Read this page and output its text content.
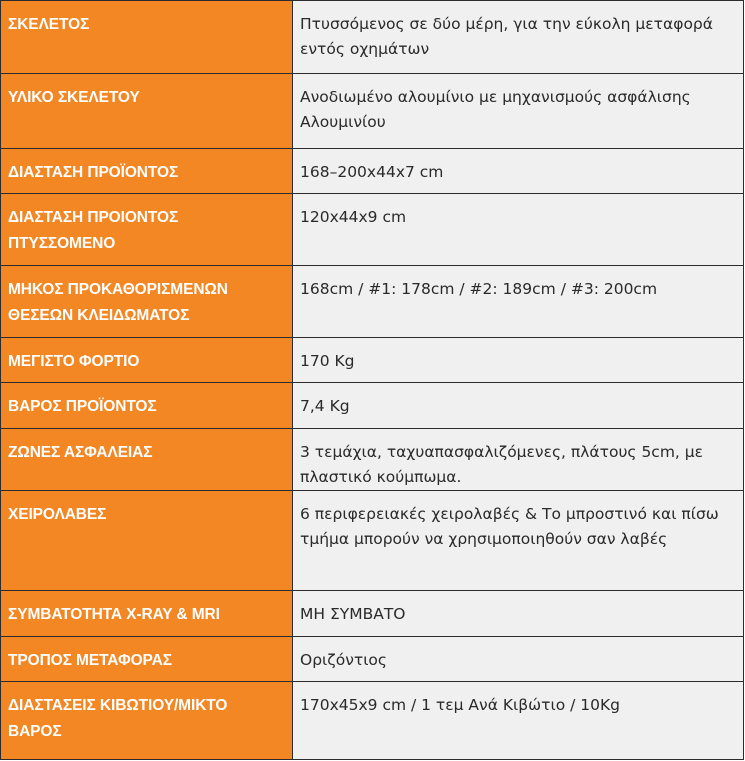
ΣΚΕΛΕΤΟΣ	Πτυσσόμενος σε δύο μέρη, για την εύκολη μεταφορά εντός οχημάτων
ΥΛΙΚΟ ΣΚΕΛΕΤΟΥ	Ανοδιωμένο αλουμίνιο με μηχανισμούς ασφάλισης Αλουμινίου
ΔΙΑΣΤΑΣΗ ΠΡΟΪΟΝΤΟΣ	168–200x44x7 cm
ΔΙΑΣΤΑΣΗ ΠΡΟΙΟΝΤΟΣ ΠΤΥΣΣΟΜΕΝΟ	120x44x9 cm
ΜΗΚΟΣ ΠΡΟΚΑΘΟΡΙΣΜΕΝΩΝ ΘΕΣΕΩΝ ΚΛΕΙΔΩΜΑΤΟΣ	168cm / #1: 178cm / #2: 189cm / #3: 200cm
ΜΕΓΙΣΤΟ ΦΟΡΤΙΟ	170 Kg
ΒΑΡΟΣ ΠΡΟΪΟΝΤΟΣ	7,4 Kg
ΖΩΝΕΣ ΑΣΦΑΛΕΙΑΣ	3 τεμάχια, ταχυαπασφαλιζόμενες, πλάτους 5cm, με πλαστικό κούμπωμα.
ΧΕΙΡΟΛΑΒΕΣ	6 περιφερειακές χειρολαβές & Το μπροστινό και πίσω τμήμα μπορούν να χρησιμοποιηθούν σαν λαβές
ΣΥΜΒΑΤΟΤΗΤΑ X-RAY & MRI	ΜΗ ΣΥΜΒΑΤΟ
ΤΡΟΠΟΣ ΜΕΤΑΦΟΡΑΣ	Οριζόντιος
ΔΙΑΣΤΑΣΕΙΣ ΚΙΒΩΤΙΟΥ/ΜΙΚΤΟ ΒΑΡΟΣ	170x45x9 cm / 1 τεμ Ανά Κιβώτιο / 10Kg
